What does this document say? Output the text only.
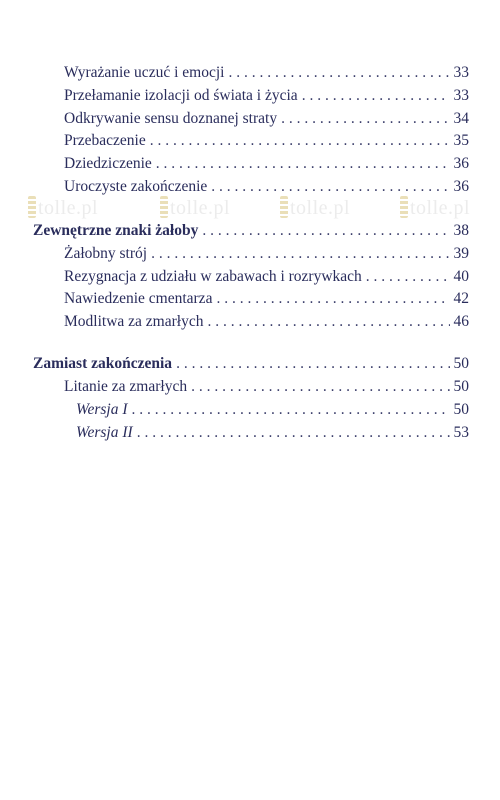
tolle.pl	tolle.pl	tolle.pl	tolle.pl
Wyrażanie uczuć i emocji . . .	33
Przełamanie izolacji od świata i życia . . .	33
Odkrywanie sensu doznanej straty . . .	34
Przebaczenie . . .	35
Dziedziczenie . . .	36
Uroczyste zakończenie . . .	36
Zewnętrzne znaki żałoby . . .	38
Żałobny strój . . .	39
Rezygnacja z udziału w zabawach i rozrywkach . . .	40
Nawiedzenie cmentarza . . .	42
Modlitwa za zmarłych . . .	46
Zamiast zakończenia . . .	50
Litanie za zmarłych . . .	50
Wersja I . . .	50
Wersja II . . .	53
